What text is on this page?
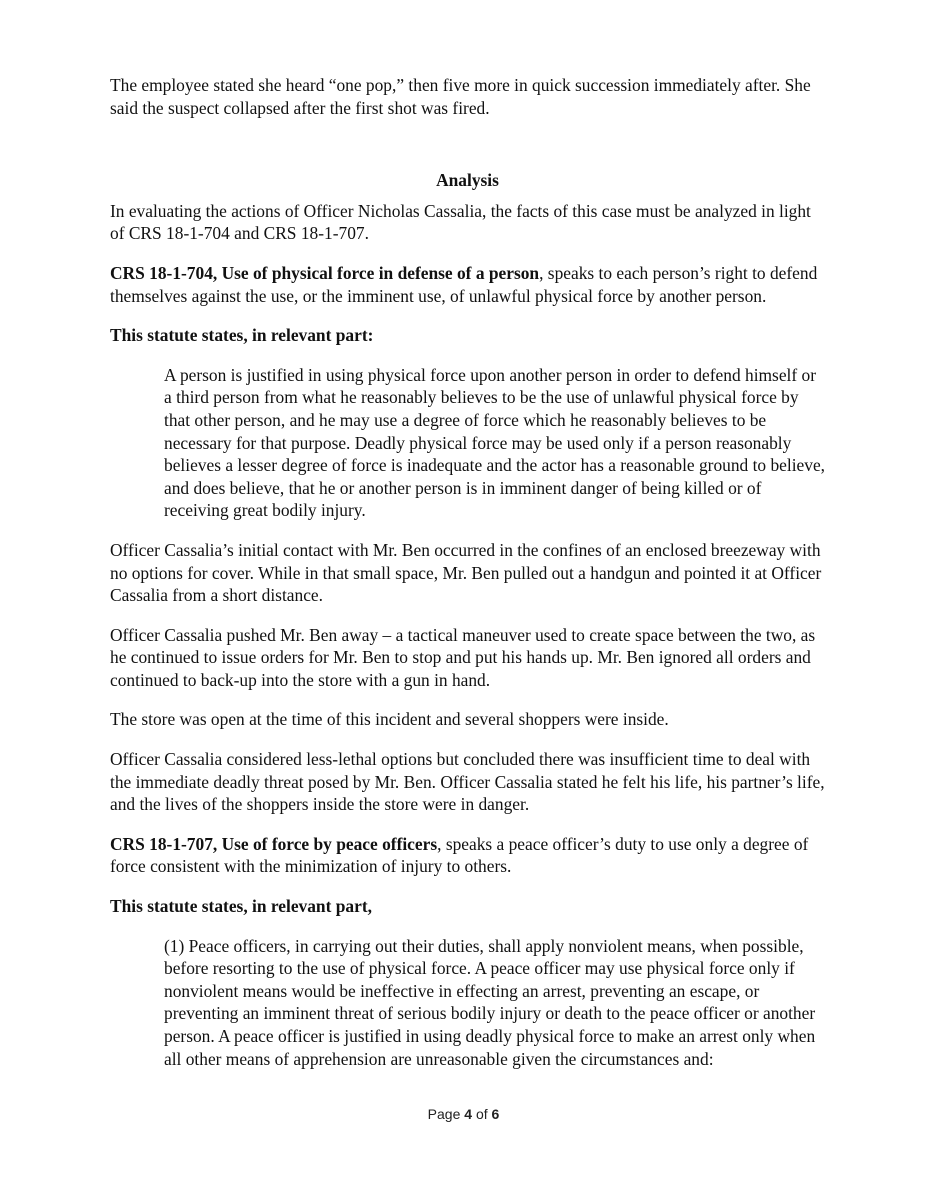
The employee stated she heard “one pop,” then five more in quick succession immediately after. She said the suspect collapsed after the first shot was fired.

Analysis

In evaluating the actions of Officer Nicholas Cassalia, the facts of this case must be analyzed in light of CRS 18-1-704 and CRS 18-1-707.

CRS 18-1-704, Use of physical force in defense of a person, speaks to each person’s right to defend themselves against the use, or the imminent use, of unlawful physical force by another person.

This statute states, in relevant part:

A person is justified in using physical force upon another person in order to defend himself or a third person from what he reasonably believes to be the use of unlawful physical force by that other person, and he may use a degree of force which he reasonably believes to be necessary for that purpose. Deadly physical force may be used only if a person reasonably believes a lesser degree of force is inadequate and the actor has a reasonable ground to believe, and does believe, that he or another person is in imminent danger of being killed or of receiving great bodily injury.

Officer Cassalia’s initial contact with Mr. Ben occurred in the confines of an enclosed breezeway with no options for cover. While in that small space, Mr. Ben pulled out a handgun and pointed it at Officer Cassalia from a short distance.

Officer Cassalia pushed Mr. Ben away – a tactical maneuver used to create space between the two, as he continued to issue orders for Mr. Ben to stop and put his hands up. Mr. Ben ignored all orders and continued to back-up into the store with a gun in hand.

The store was open at the time of this incident and several shoppers were inside.

Officer Cassalia considered less-lethal options but concluded there was insufficient time to deal with the immediate deadly threat posed by Mr. Ben. Officer Cassalia stated he felt his life, his partner’s life, and the lives of the shoppers inside the store were in danger.

CRS 18-1-707, Use of force by peace officers, speaks a peace officer’s duty to use only a degree of force consistent with the minimization of injury to others.

This statute states, in relevant part,

(1) Peace officers, in carrying out their duties, shall apply nonviolent means, when possible, before resorting to the use of physical force. A peace officer may use physical force only if nonviolent means would be ineffective in effecting an arrest, preventing an escape, or preventing an imminent threat of serious bodily injury or death to the peace officer or another person. A peace officer is justified in using deadly physical force to make an arrest only when all other means of apprehension are unreasonable given the circumstances and:

Page 4 of 6
